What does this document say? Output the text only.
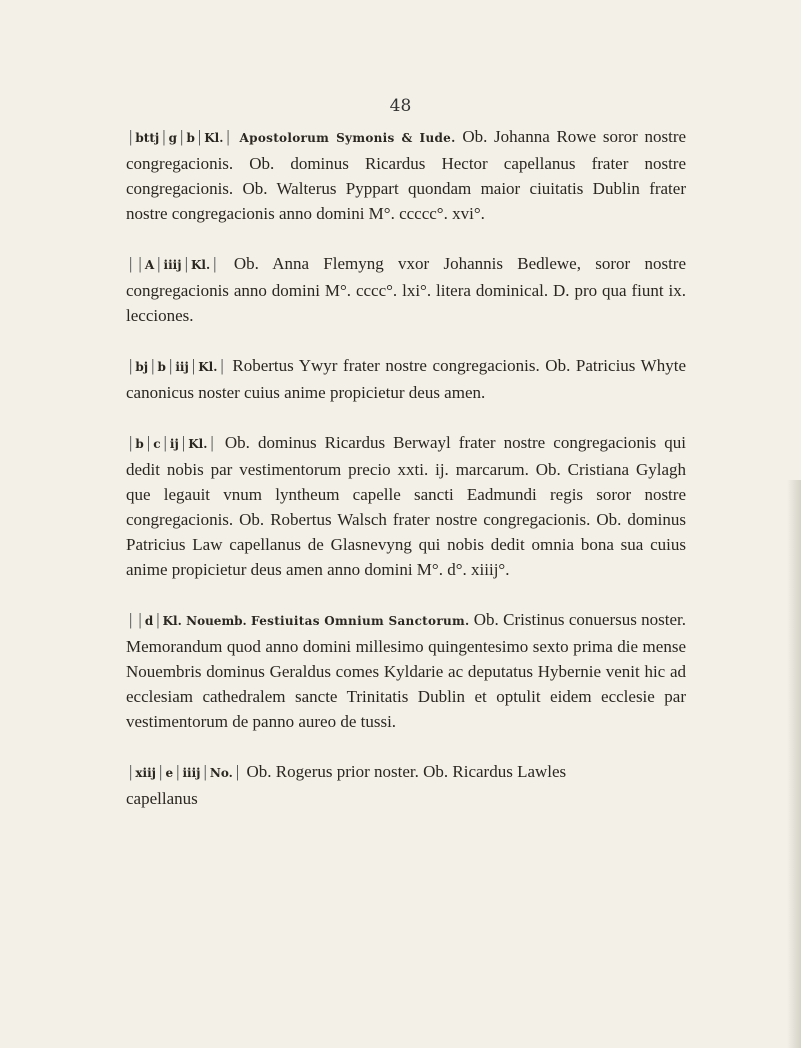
48

| bttj | g | b | Kl. | Apostolorum Symonis & Iude. Ob. Johanna Rowe soror nostre congregacionis. Ob. dominus Ricardus Hector capellanus frater nostre congregacionis. Ob. Walterus Pyppart quondam maior ciuitatis Dublin frater nostre congregacionis anno domini M°. ccccc°. xvi°.

| | A | iiij | Kl. | Ob. Anna Flemyng vxor Johannis Bedlewe, soror nostre congregacionis anno domini M°. cccc°. lxi°. litera dominical. D. pro qua fiunt ix. lecciones.

| bj | b | iij | Kl. | Robertus Ywyr frater nostre congregacionis. Ob. Patricius Whyte canonicus noster cuius anime propicietur deus amen.

| b | c | ij | Kl. | Ob. dominus Ricardus Berwayl frater nostre congregacionis qui dedit nobis par vestimentorum precio xxti. ij. marcarum. Ob. Cristiana Gylagh que legauit vnum lyntheum capelle sancti Eadmundi regis soror nostre congregacionis. Ob. Robertus Walsch frater nostre congregacionis. Ob. dominus Patricius Law capellanus de Glasnevyng qui nobis dedit omnia bona sua cuius anime propicietur deus amen anno domini M°. d°. xiiij°.

| | d | Kl. Nouemb. Festiuitas Omnium Sanctorum. Ob. Cristinus conuersus noster. Memorandum quod anno domini millesimo quingentesimo sexto prima die mense Nouembris dominus Geraldus comes Kyldarie ac deputatus Hybernie venit hic ad ecclesiam cathedralem sancte Trinitatis Dublin et optulit eidem ecclesie par vestimentorum de panno aureo de tussi.

| xiij | e | iiij | No. | Ob. Rogerus prior noster. Ob. Ricardus Lawles
capellanus
